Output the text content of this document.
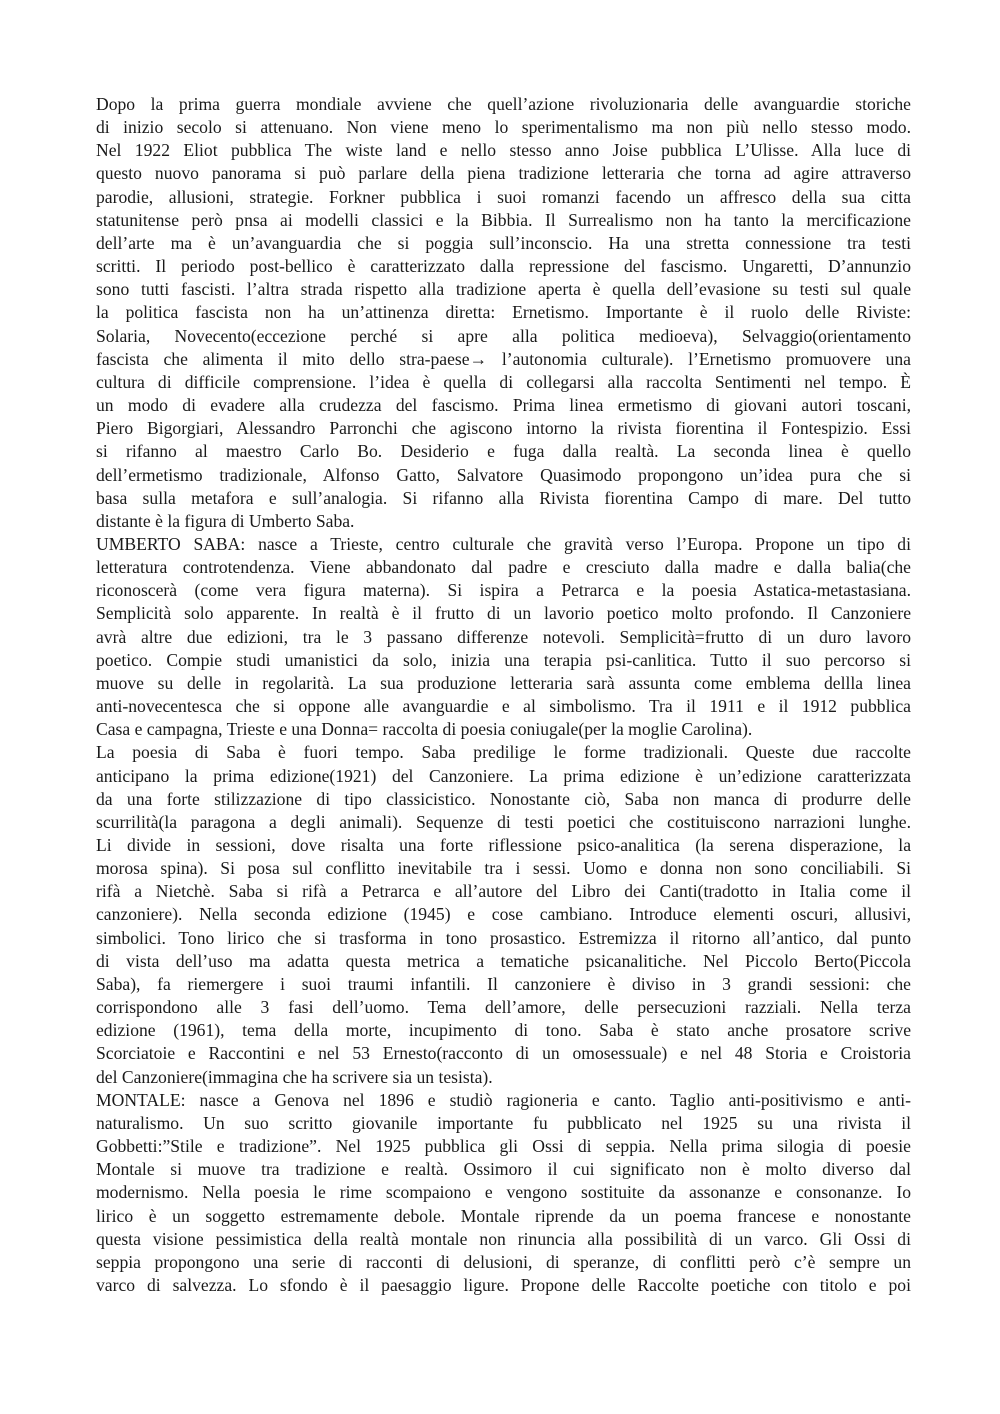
Dopo la prima guerra mondiale avviene che quell’azione rivoluzionaria delle avanguardie storiche
di inizio secolo si attenuano. Non viene meno lo sperimentalismo ma non più nello stesso modo.
Nel 1922 Eliot pubblica The wiste land e nello stesso anno Joise pubblica L’Ulisse. Alla luce di
questo nuovo panorama si può parlare della piena tradizione letteraria che torna ad agire attraverso
parodie, allusioni, strategie. Forkner pubblica i suoi romanzi facendo un affresco della sua citta
statunitense però pnsa ai modelli classici e la Bibbia. Il Surrealismo non ha tanto la mercificazione
dell’arte ma è un’avanguardia che si poggia sull’inconscio. Ha una stretta connessione tra testi
scritti. Il periodo post-bellico è caratterizzato dalla repressione del fascismo. Ungaretti, D’annunzio
sono tutti fascisti. l’altra strada rispetto alla tradizione aperta è quella dell’evasione su testi sul quale
la politica fascista non ha un’attinenza diretta: Ernetismo. Importante è il ruolo delle Riviste:
Solaria, Novecento(eccezione perché si apre alla politica medioeva), Selvaggio(orientamento
fascista che alimenta il mito dello stra-paese→ l’autonomia culturale). l’Ernetismo promuovere una
cultura di difficile comprensione. l’idea è quella di collegarsi alla raccolta Sentimenti nel tempo. È
un modo di evadere alla crudezza del fascismo. Prima linea ermetismo di giovani autori toscani,
Piero Bigorgiari, Alessandro Parronchi che agiscono intorno la rivista fiorentina il Fontespizio. Essi
si rifanno al maestro Carlo Bo. Desiderio e fuga dalla realtà. La seconda linea è quello
dell’ermetismo tradizionale, Alfonso Gatto, Salvatore Quasimodo propongono un’idea pura che si
basa sulla metafora e sull’analogia. Si rifanno alla Rivista fiorentina Campo di mare. Del tutto
distante è la figura di Umberto Saba.
UMBERTO SABA: nasce a Trieste, centro culturale che gravità verso l’Europa. Propone un tipo di
letteratura controtendenza. Viene abbandonato dal padre e cresciuto dalla madre e dalla balia(che
riconoscerà (come vera figura materna). Si ispira a Petrarca e la poesia Astatica-metastasiana.
Semplicità solo apparente. In realtà è il frutto di un lavorio poetico molto profondo. Il Canzoniere
avrà altre due edizioni, tra le 3 passano differenze notevoli. Semplicità=frutto di un duro lavoro
poetico. Compie studi umanistici da solo, inizia una terapia psi-canlitica. Tutto il suo percorso si
muove su delle in regolarità. La sua produzione letteraria sarà assunta come emblema dellla linea
anti-novecentesca che si oppone alle avanguardie e al simbolismo. Tra il 1911 e il 1912 pubblica
Casa e campagna, Trieste e una Donna= raccolta di poesia coniugale(per la moglie Carolina).
La poesia di Saba è fuori tempo. Saba predilige le forme tradizionali. Queste due raccolte
anticipano la prima edizione(1921) del Canzoniere. La prima edizione è un’edizione caratterizzata
da una forte stilizzazione di tipo classicistico. Nonostante ciò, Saba non manca di produrre delle
scurrilità(la paragona a degli animali). Sequenze di testi poetici che costituiscono narrazioni lunghe.
Li divide in sessioni, dove risalta una forte riflessione psico-analitica (la serena disperazione, la
morosa spina). Si posa sul conflitto inevitabile tra i sessi. Uomo e donna non sono conciliabili. Si
rifà a Nietchè. Saba si rifà a Petrarca e all’autore del Libro dei Canti(tradotto in Italia come il
canzoniere). Nella seconda edizione (1945) e cose cambiano. Introduce elementi oscuri, allusivi,
simbolici. Tono lirico che si trasforma in tono prosastico. Estremizza il ritorno all’antico, dal punto
di vista dell’uso ma adatta questa metrica a tematiche psicanalitiche. Nel Piccolo Berto(Piccola
Saba), fa riemergere i suoi traumi infantili. Il canzoniere è diviso in 3 grandi sessioni: che
corrispondono alle 3 fasi dell’uomo. Tema dell’amore, delle persecuzioni razziali. Nella terza
edizione (1961), tema della morte, incupimento di tono. Saba è stato anche prosatore scrive
Scorciatoie e Raccontini e nel 53 Ernesto(racconto di un omosessuale) e nel 48 Storia e Croistoria
del Canzoniere(immagina che ha scrivere sia un tesista).
MONTALE: nasce a Genova nel 1896 e studiò ragioneria e canto. Taglio anti-positivismo e anti-
naturalismo. Un suo scritto giovanile importante fu pubblicato nel 1925 su una rivista il
Gobbetti:”Stile e tradizione”. Nel 1925 pubblica gli Ossi di seppia. Nella prima silogia di poesie
Montale si muove tra tradizione e realtà. Ossimoro il cui significato non è molto diverso dal
modernismo. Nella poesia le rime scompaiono e vengono sostituite da assonanze e consonanze. Io
lirico è un soggetto estremamente debole. Montale riprende da un poema francese e nonostante
questa visione pessimistica della realtà montale non rinuncia alla possibilità di un varco. Gli Ossi di
seppia propongono una serie di racconti di delusioni, di speranze, di conflitti però c’è sempre un
varco di salvezza. Lo sfondo è il paesaggio ligure. Propone delle Raccolte poetiche con titolo e poi
